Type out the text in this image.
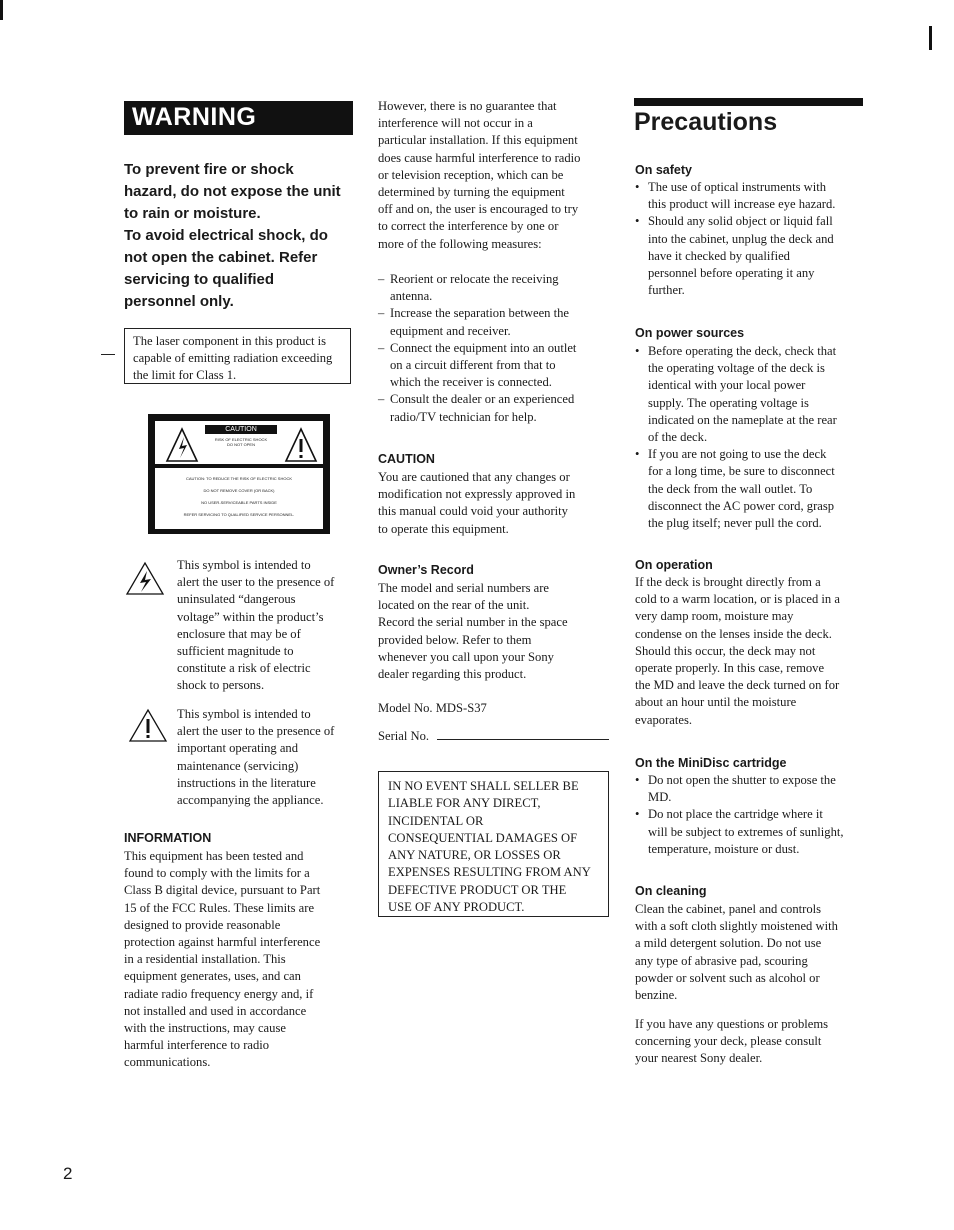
WARNING
To prevent fire or shock
hazard, do not expose the unit
to rain or moisture.
To avoid electrical shock, do
not open the cabinet. Refer
servicing to qualified
personnel only.
The laser component in this product is
capable of emitting radiation exceeding
the limit for Class 1.
CAUTION
RISK OF ELECTRIC SHOCK
DO NOT OPEN
CAUTION: TO REDUCE THE RISK OF ELECTRIC SHOCK
DO NOT REMOVE COVER (OR BACK)
NO USER-SERVICEABLE PARTS INSIDE
REFER SERVICING TO QUALIFIED SERVICE PERSONNEL.
This symbol is intended to
alert the user to the presence of
uninsulated “dangerous
voltage” within the product’s
enclosure that may be of
sufficient magnitude to
constitute a risk of electric
shock to persons.
This symbol is intended to
alert the user to the presence of
important operating and
maintenance (servicing)
instructions in the literature
accompanying the appliance.
INFORMATION
This equipment has been tested and
found to comply with the limits for a
Class B digital device, pursuant to Part
15 of the FCC Rules. These limits are
designed to provide reasonable
protection against harmful interference
in a residential installation. This
equipment generates, uses, and can
radiate radio frequency energy and, if
not installed and used in accordance
with the instructions, may cause
harmful interference to radio
communications.
However, there is no guarantee that
interference will not occur in a
particular installation. If this equipment
does cause harmful interference to radio
or television reception, which can be
determined by turning the equipment
off and on, the user is encouraged to try
to correct the interference by one or
more of the following measures:
– Reorient or relocate the receiving
antenna.
– Increase the separation between the
equipment and receiver.
– Connect the equipment into an outlet
on a circuit different from that to
which the receiver is connected.
– Consult the dealer or an experienced
radio/TV technician for help.
CAUTION
You are cautioned that any changes or
modification not expressly approved in
this manual could void your authority
to operate this equipment.
Owner’s Record
The model and serial numbers are
located on the rear of the unit.
Record the serial number in the space
provided below. Refer to them
whenever you call upon your Sony
dealer regarding this product.
Model No. MDS-S37
Serial No.
IN NO EVENT SHALL SELLER BE
LIABLE FOR ANY DIRECT,
INCIDENTAL OR
CONSEQUENTIAL DAMAGES OF
ANY NATURE, OR LOSSES OR
EXPENSES RESULTING FROM ANY
DEFECTIVE PRODUCT OR THE
USE OF ANY PRODUCT.
Precautions
On safety
• The use of optical instruments with
this product will increase eye hazard.
• Should any solid object or liquid fall
into the cabinet, unplug the deck and
have it checked by qualified
personnel before operating it any
further.
On power sources
• Before operating the deck, check that
the operating voltage of the deck is
identical with your local power
supply. The operating voltage is
indicated on the nameplate at the rear
of the deck.
• If you are not going to use the deck
for a long time, be sure to disconnect
the deck from the wall outlet. To
disconnect the AC power cord, grasp
the plug itself; never pull the cord.
On operation
If the deck is brought directly from a
cold to a warm location, or is placed in a
very damp room, moisture may
condense on the lenses inside the deck.
Should this occur, the deck may not
operate properly. In this case, remove
the MD and leave the deck turned on for
about an hour until the moisture
evaporates.
On the MiniDisc cartridge
• Do not open the shutter to expose the
MD.
• Do not place the cartridge where it
will be subject to extremes of sunlight,
temperature, moisture or dust.
On cleaning
Clean the cabinet, panel and controls
with a soft cloth slightly moistened with
a mild detergent solution. Do not use
any type of abrasive pad, scouring
powder or solvent such as alcohol or
benzine.
If you have any questions or problems
concerning your deck, please consult
your nearest Sony dealer.
2
